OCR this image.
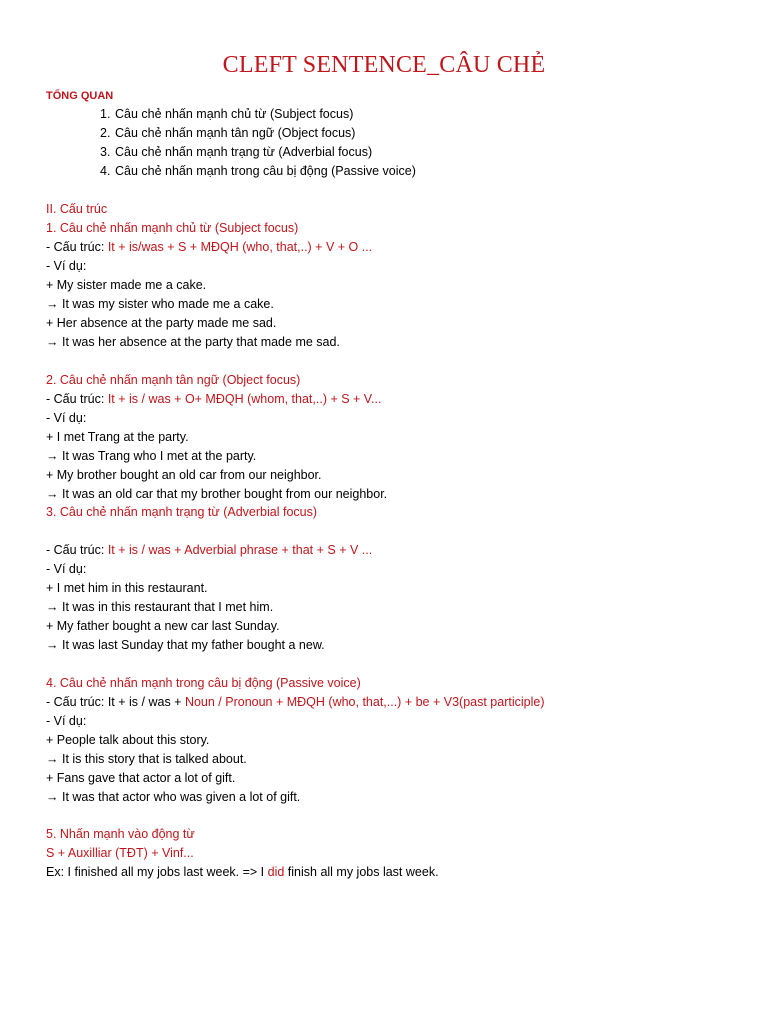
CLEFT SENTENCE_CÂU CHẺ
TỔNG QUAN
1. Câu chẻ nhấn mạnh chủ từ (Subject focus)
2. Câu chẻ nhấn mạnh tân ngữ (Object focus)
3. Câu chẻ nhấn mạnh trạng từ (Adverbial focus)
4. Câu chẻ nhấn mạnh trong câu bị động (Passive voice)
II. Cấu trúc
1. Câu chẻ nhấn mạnh chủ từ (Subject focus)
- Cấu trúc: It + is/was + S + MĐQH (who, that,..) + V + O ...
- Ví dụ:
+ My sister made me a cake.
→ It was my sister who made me a cake.
+ Her absence at the party made me sad.
→ It was her absence at the party that made me sad.
2. Câu chẻ nhấn mạnh tân ngữ (Object focus)
- Cấu trúc: It + is / was + O+ MĐQH (whom, that,..) + S + V...
- Ví dụ:
+ I met Trang at the party.
→ It was Trang who I met at the party.
+ My brother bought an old car from our neighbor.
→ It was an old car that my brother bought from our neighbor.
3. Câu chẻ nhấn mạnh trạng từ (Adverbial focus)
- Cấu trúc: It + is / was + Adverbial phrase + that + S + V ...
- Ví dụ:
+ I met him in this restaurant.
→ It was in this restaurant that I met him.
+ My father bought a new car last Sunday.
→ It was last Sunday that my father bought a new.
4. Câu chẻ nhấn mạnh trong câu bị động (Passive voice)
- Cấu trúc: It + is / was + Noun / Pronoun + MĐQH (who, that,...) + be + V3(past participle)
- Ví dụ:
+ People talk about this story.
→ It is this story that is talked about.
+ Fans gave that actor a lot of gift.
→ It was that actor who was given a lot of gift.
5. Nhấn mạnh vào động từ
S + Auxilliar (TĐT) + Vinf...
Ex: I finished all my jobs last week. => I did finish all my jobs last week.
